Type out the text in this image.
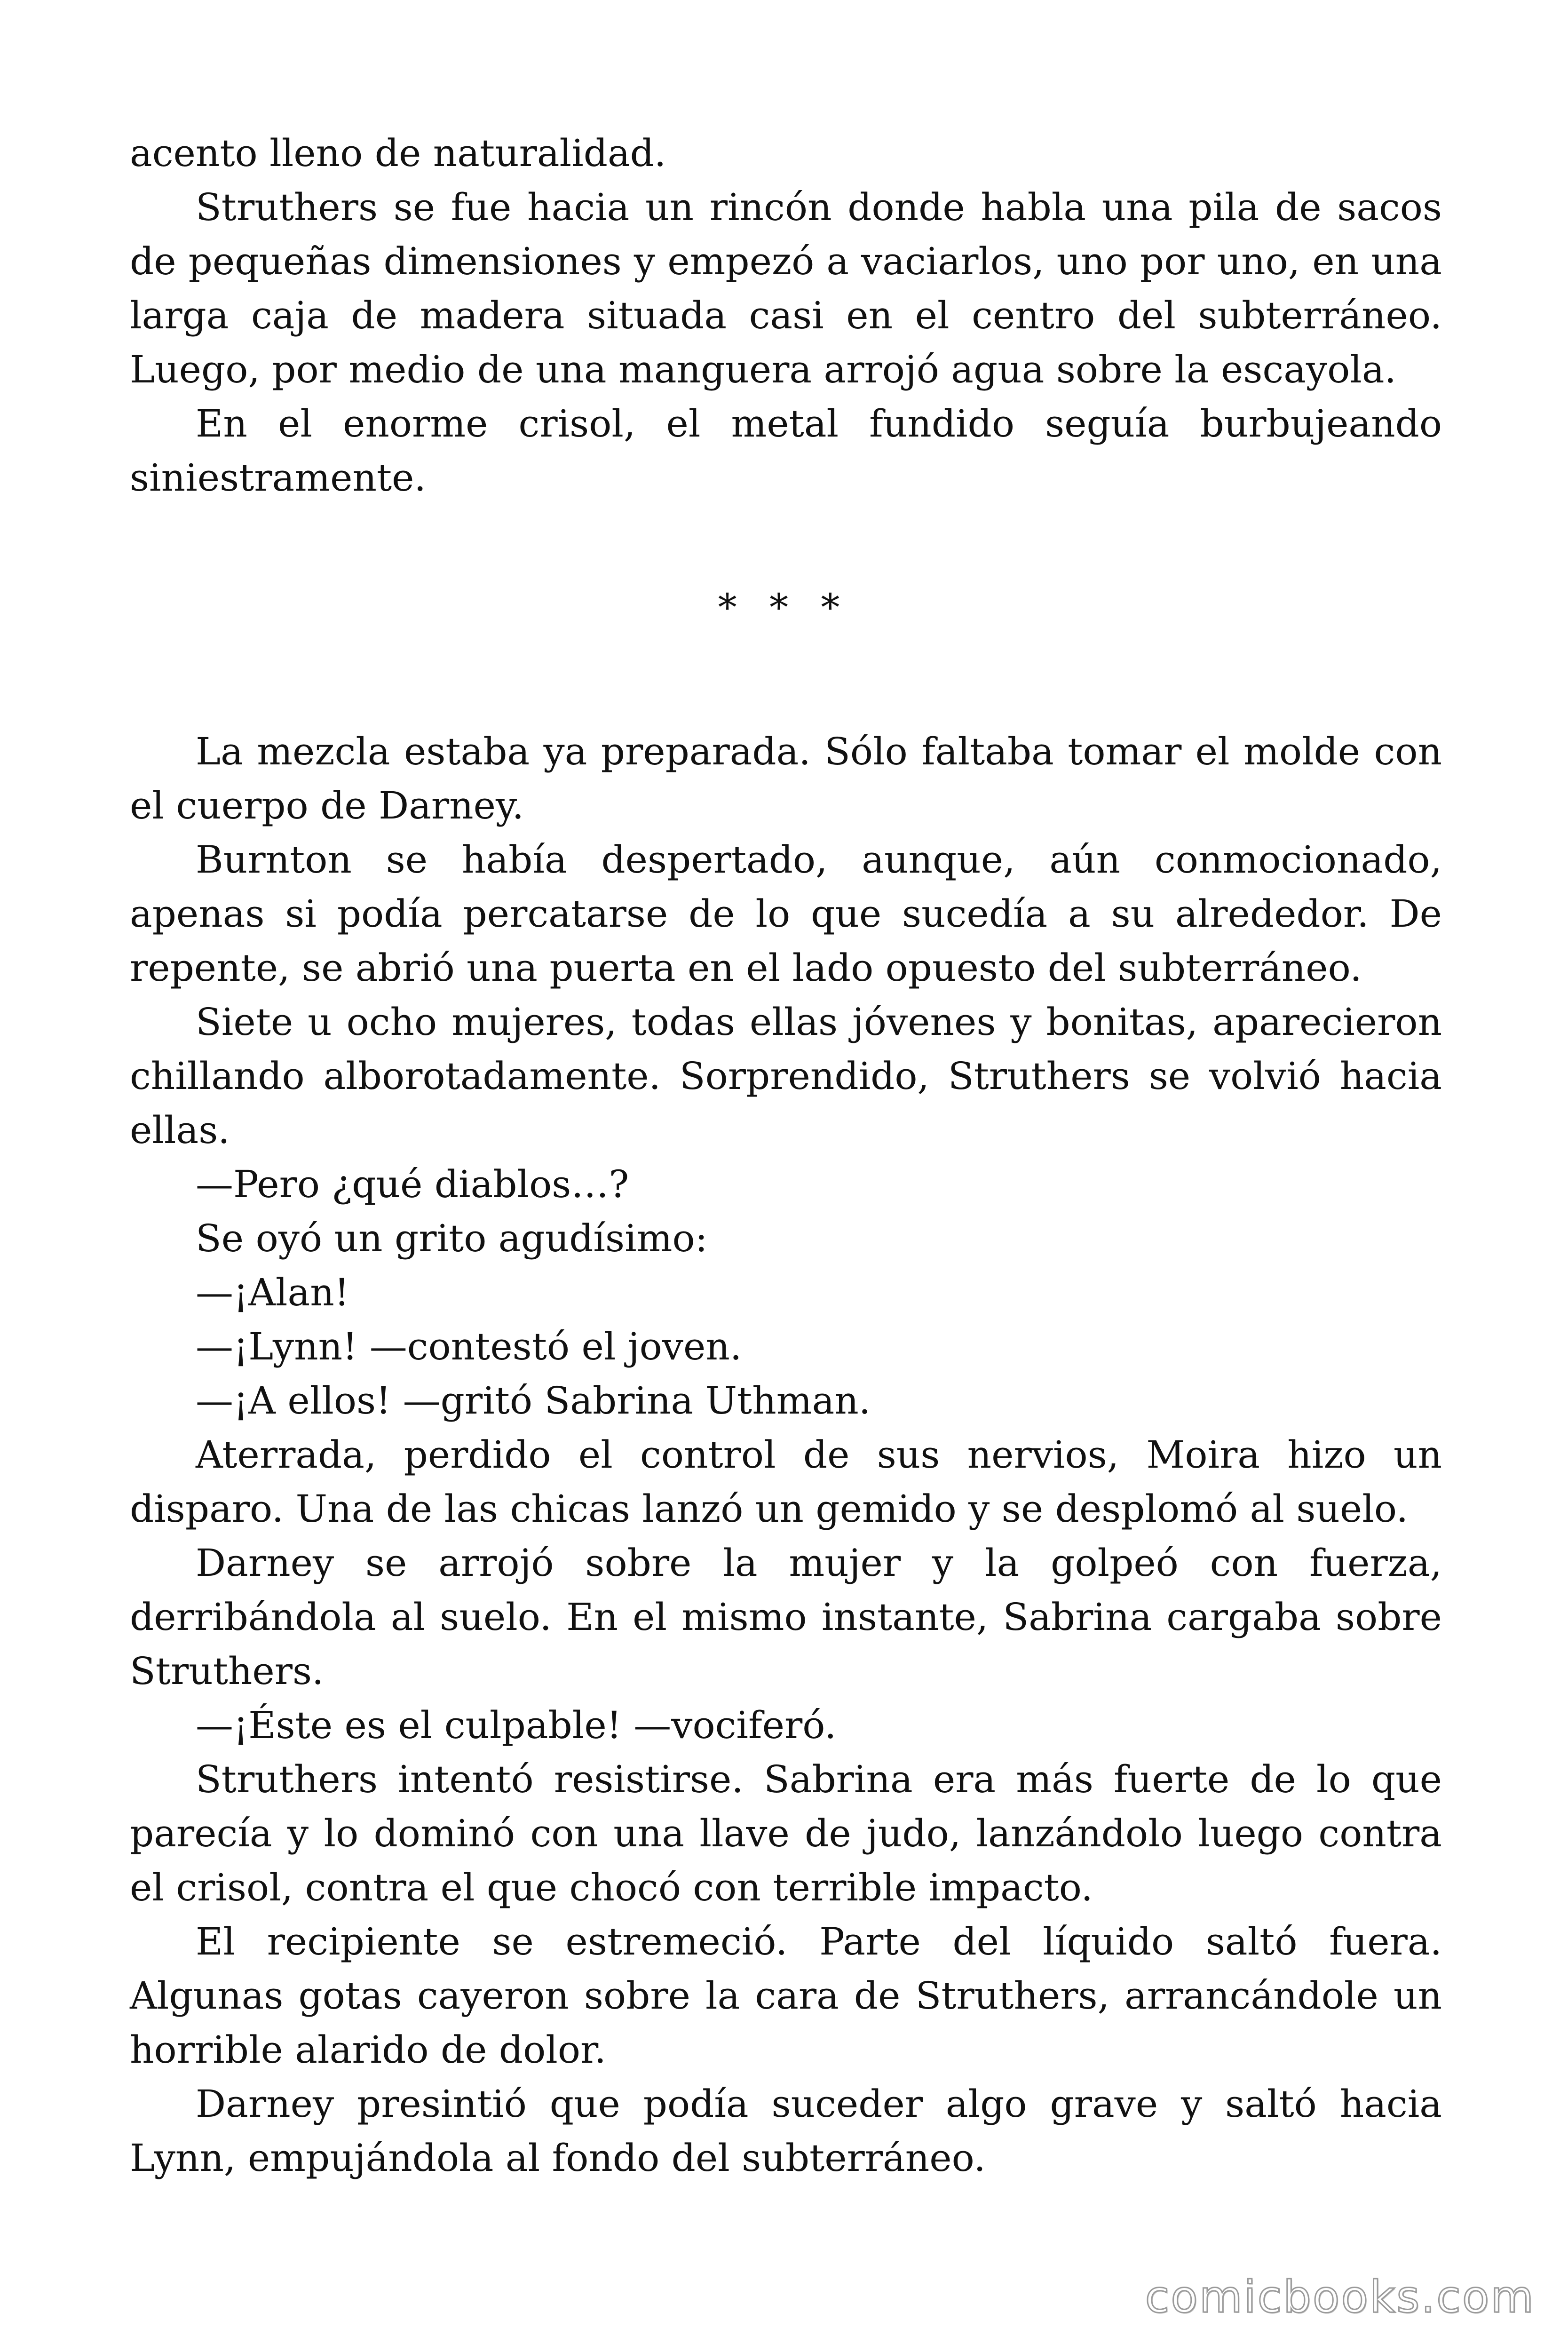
acento lleno de naturalidad.

Struthers se fue hacia un rincón donde habla una pila de sacos de pequeñas dimensiones y empezó a vaciarlos, uno por uno, en una larga caja de madera situada casi en el centro del subterráneo. Luego, por medio de una manguera arrojó agua sobre la escayola.

En el enorme crisol, el metal fundido seguía burbujeando siniestramente.

* * *

La mezcla estaba ya preparada. Sólo faltaba tomar el molde con el cuerpo de Darney.

Burnton se había despertado, aunque, aún conmocionado, apenas si podía percatarse de lo que sucedía a su alrededor. De repente, se abrió una puerta en el lado opuesto del subterráneo.

Siete u ocho mujeres, todas ellas jóvenes y bonitas, aparecieron chillando alborotadamente. Sorprendido, Struthers se volvió hacia ellas.

—Pero ¿qué diablos…?

Se oyó un grito agudísimo:

—¡Alan!

—¡Lynn! —contestó el joven.

—¡A ellos! —gritó Sabrina Uthman.

Aterrada, perdido el control de sus nervios, Moira hizo un disparo. Una de las chicas lanzó un gemido y se desplomó al suelo.

Darney se arrojó sobre la mujer y la golpeó con fuerza, derribándola al suelo. En el mismo instante, Sabrina cargaba sobre Struthers.

—¡Éste es el culpable! —vociferó.

Struthers intentó resistirse. Sabrina era más fuerte de lo que parecía y lo dominó con una llave de judo, lanzándolo luego contra el crisol, contra el que chocó con terrible impacto.

El recipiente se estremeció. Parte del líquido saltó fuera. Algunas gotas cayeron sobre la cara de Struthers, arrancándole un horrible alarido de dolor.

Darney presintió que podía suceder algo grave y saltó hacia Lynn, empujándola al fondo del subterráneo.

comicbooks.com
